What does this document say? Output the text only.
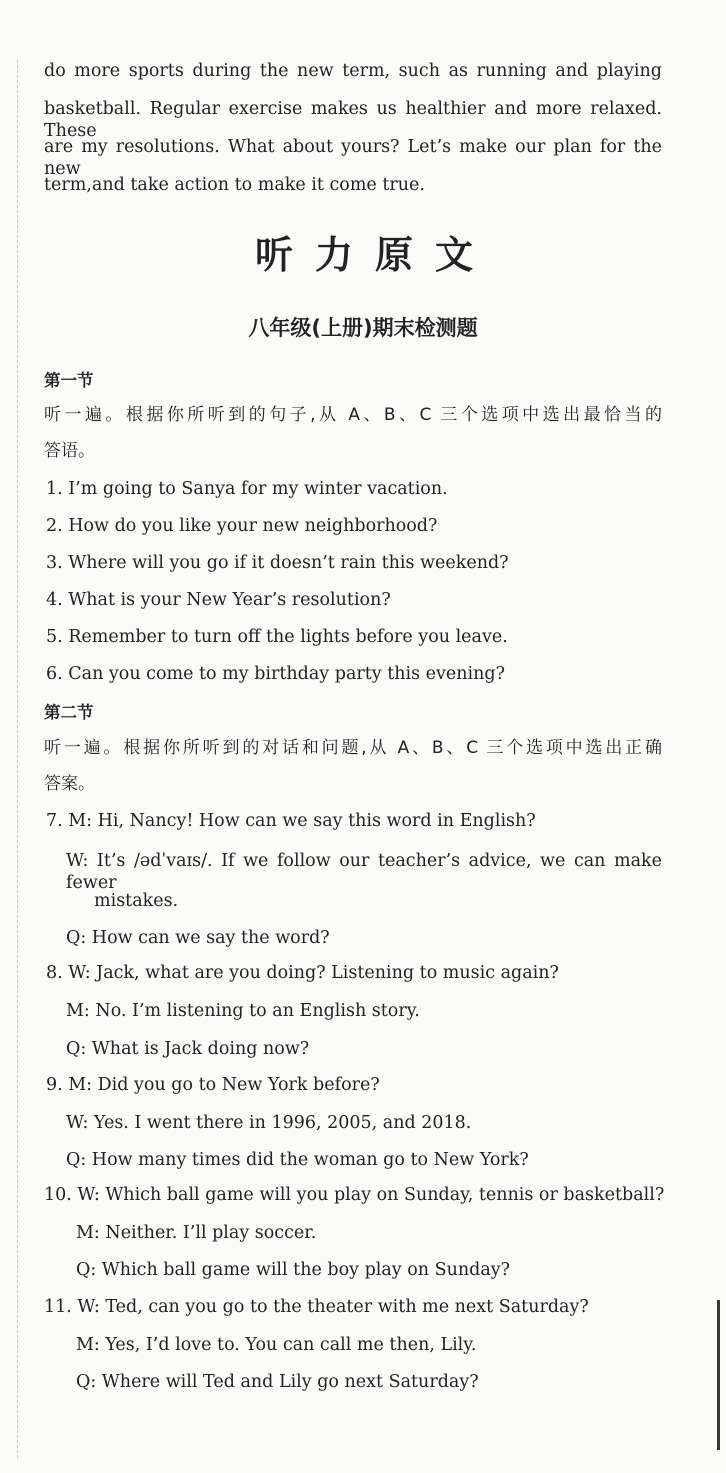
do more sports during the new term, such as running and playing
basketball. Regular exercise makes us healthier and more relaxed. These
are my resolutions. What about yours? Let’s make our plan for the new
term,and take action to make it come true.
听力原文
八年级(上册)期末检测题
第一节
听一遍。根据你所听到的句子,从 A、B、C 三个选项中选出最恰当的
答语。
1. I’m going to Sanya for my winter vacation.
2. How do you like your new neighborhood?
3. Where will you go if it doesn’t rain this weekend?
4. What is your New Year’s resolution?
5. Remember to turn off the lights before you leave.
6. Can you come to my birthday party this evening?
第二节
听一遍。根据你所听到的对话和问题,从 A、B、C 三个选项中选出正确
答案。
7. M: Hi, Nancy! How can we say this word in English?
W: It’s /ədˈvaɪs/. If we follow our teacher’s advice, we can make fewer
mistakes.
Q: How can we say the word?
8. W: Jack, what are you doing? Listening to music again?
M: No. I’m listening to an English story.
Q: What is Jack doing now?
9. M: Did you go to New York before?
W: Yes. I went there in 1996, 2005, and 2018.
Q: How many times did the woman go to New York?
10. W: Which ball game will you play on Sunday, tennis or basketball?
M: Neither. I’ll play soccer.
Q: Which ball game will the boy play on Sunday?
11. W: Ted, can you go to the theater with me next Saturday?
M: Yes, I’d love to. You can call me then, Lily.
Q: Where will Ted and Lily go next Saturday?
